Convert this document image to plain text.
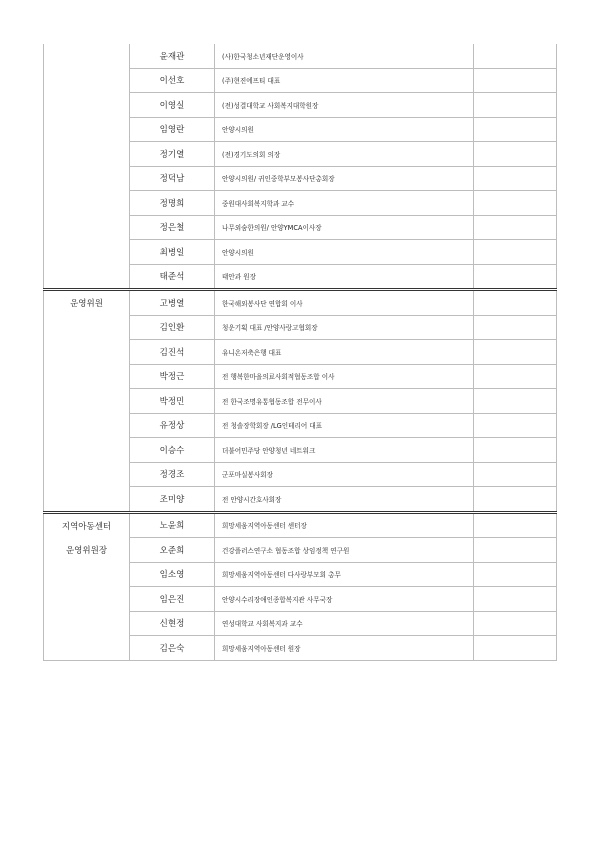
	윤재관	(사)한국청소년재단운영이사	
	이선호	(주)현진에프티 대표	
	이영실	(전)성결대학교 사회복지대학원장	
	임영란	안양시의원	
	정기열	(전)경기도의회 의장	
	정덕남	안양시의원/ 귀인중학부모봉사단총회장	
	정명희	중원대사회복지학과 교수	
	정은철	나무외숨한의원/ 안양YMCA이사장	
	최병일	안양시의원	
	태준석	태안과 원장	
운영위원	고병열	한국해외봉사단 연합회 이사	
	김인환	청운기획 대표 /안양사랑고협회장	
	김진석	유니온저축은행 대표	
	박정근	전 행복한마을의료사회적협동조합 이사	
	박정민	전 한국조명유통협동조합 전무이사	
	유정상	전 청솔장학회장 /LG인테리어 대표	
	이승수	더불어민주당 안양청년 네트워크	
	정경조	군포마실봉사회장	
	조미양	전 안양시간호사회장	
지역아동센터	노윤희	희망세움지역아동센터 센터장	
운영위원장	오준희	건강플러스연구소 협동조합 상임정책 연구원	
	임소영	희망세움지역아동센터 다사랑부모회 총무	
	임은진	안양시수리장애인종합복지관 사무국장	
	신현정	연성대학교 사회복지과 교수	
	김은숙	희망세움지역아동센터 원장	
